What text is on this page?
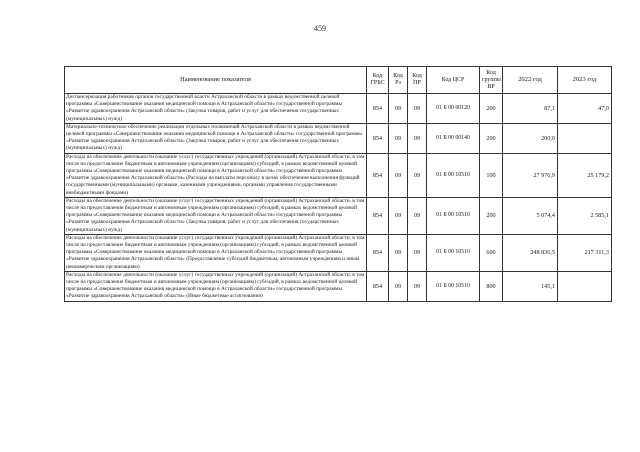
459
Наименование показателя	Код ГРБС	Код Рз	Код ПР	Код ЦСР	Код группы ВР	2022 год	2023 год
Диспансеризация работников органов государственной власти Астраханской области в рамках ведомственной целевой программы «Совершенствование оказания медицинской помощи в Астраханской области» государственной программы «Развитие здравоохранения Астраханской области» (Закупка товаров, работ и услуг для обеспечения государственных (муниципальных) нужд)	854	09	09	01 Б 00 00120	200	87,1	47,0
Материально-техническое обеспечение реализации отдельных полномочий Астраханской области в рамках ведомственной целевой программы «Совершенствование оказания медицинской помощи в Астраханской области» государственной программы «Развитие здравоохранения Астраханской области» (Закупка товаров, работ и услуг для обеспечения государственных (муниципальных) нужд)	854	09	09	01 Б 00 00140	200	200,0	
Расходы на обеспечение деятельности (оказание услуг) государственных учреждений (организаций) Астраханской области, в том числе на предоставление бюджетным и автономным учреждениям (организациям) субсидий, в рамках ведомственной целевой программы «Совершенствование оказания медицинской помощи в Астраханской области» государственной программы «Развитие здравоохранения Астраханской области» (Расходы на выплаты персоналу в целях обеспечения выполнения функций государственными (муниципальными) органами, казенными учреждениями, органами управления государственными внебюджетными фондами)	854	09	09	01 Б 00 10510	100	27 976,9	25 179,2
Расходы на обеспечение деятельности (оказание услуг) государственных учреждений (организаций) Астраханской области, в том числе на предоставление бюджетным и автономным учреждениям (организациям) субсидий, в рамках ведомственной целевой программы «Совершенствование оказания медицинской помощи в Астраханской области» государственной программы «Развитие здравоохранения Астраханской области» (Закупка товаров, работ и услуг для обеспечения государственных (муниципальных) нужд)	854	09	09	01 Б 00 10510	200	5 074,4	2 585,1
Расходы на обеспечение деятельности (оказание услуг) государственных учреждений (организаций) Астраханской области, в том числе на предоставление бюджетным и автономным учреждениям (организациям) субсидий, в рамках ведомственной целевой программы «Совершенствование оказания медицинской помощи в Астраханской области» государственной программы «Развитие здравоохранения Астраханской области» (Предоставление субсидий бюджетным, автономным учреждениям и иным некоммерческим организациям)	854	09	09	01 Б 00 10510	600	248 836,5	217 311,3
Расходы на обеспечение деятельности (оказание услуг) государственных учреждений (организаций) Астраханской области, в том числе на предоставление бюджетным и автономным учреждениям (организациям) субсидий, в рамках ведомственной целевой программы «Совершенствование оказания медицинской помощи в Астраханской области» государственной программы «Развитие здравоохранения Астраханской области» (Иные бюджетные ассигнования)	854	09	09	01 Б 00 10510	800	145,1	
